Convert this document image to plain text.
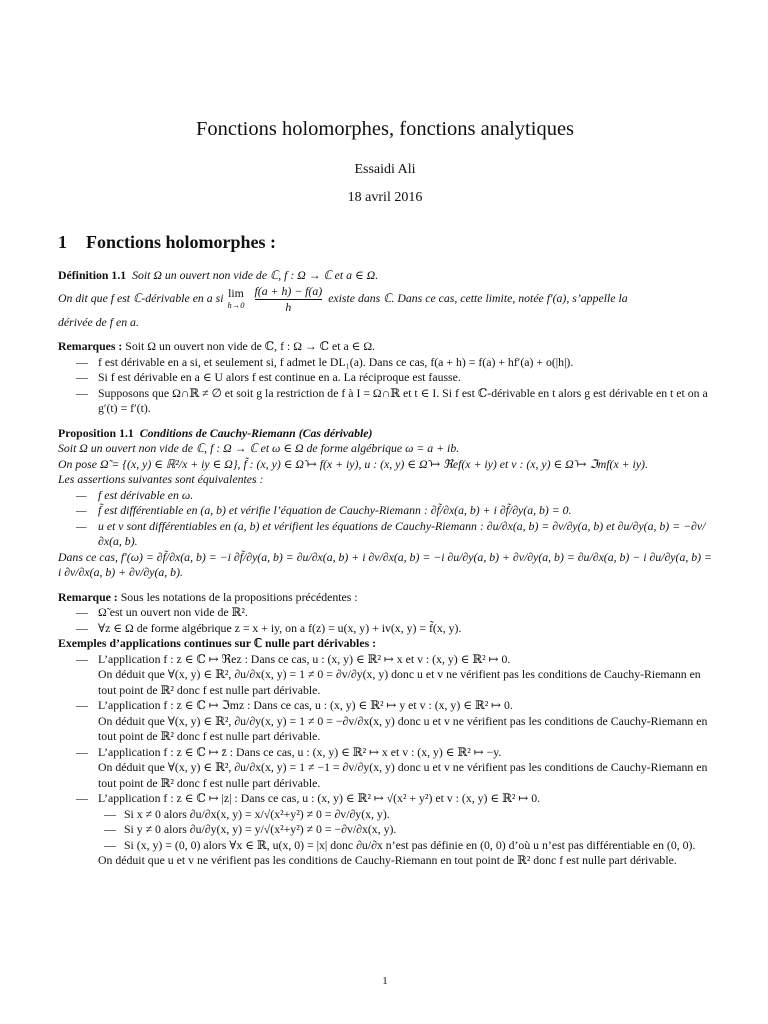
Fonctions holomorphes, fonctions analytiques
Essaidi Ali
18 avril 2016
1 Fonctions holomorphes :

Définition 1.1 Soit Ω un ouvert non vide de ℂ, f : Ω → ℂ et a ∈ Ω.

On dit que f est ℂ-dérivable en a si lim
$h\to 0 \frac{f(a + h) - f(a)}{h}$ existe dans ℂ. Dans ce cas, cette limite, notée f′(a), s’appelle la

dérivée de f en a.

Remarques : Soit Ω un ouvert non vide de ℂ, f : Ω → ℂ et a ∈ Ω.

— f est dérivable en a si, et seulement si, f admet le DL₁(a). Dans ce cas, f(a + h) = f(a) + hf′(a) + o(|h|).
— Si f est dérivable en a ∈ U alors f est continue en a. La réciproque est fausse.
— Supposons que Ω∩ℝ ≠ ∅ et soit g la restriction de f à I = Ω∩ℝ et t ∈ I. Si f est ℂ-dérivable en t alors g est dérivable en t et on a g′(t) = f′(t).

Proposition 1.1 Conditions de Cauchy-Riemann (Cas dérivable)

Soit Ω un ouvert non vide de ℂ, f : Ω → ℂ et ω ∈ Ω de forme algébrique ω = a + ib.

On pose Ω̃ = {(x, y) ∈ ℝ²/x + iy ∈ Ω}, f̃ : (x, y) ∈ Ω̃ ↦ f(x + iy), u : (x, y) ∈ Ω̃ ↦ ℜef(x + iy) et v : (x, y) ∈ Ω̃ ↦ ℑmf(x + iy).

Les assertions suivantes sont équivalentes :

— f est dérivable en ω.
— f̃ est différentiable en (a, b) et vérifie l’équation de Cauchy-Riemann : ∂f̃/∂x(a, b) + i ∂f̃/∂y(a, b) = 0.
— u et v sont différentiables en (a, b) et vérifient les équations de Cauchy-Riemann : ∂u/∂x(a, b) = ∂v/∂y(a, b) et ∂u/∂y(a, b) = −∂v/∂x(a, b).

Dans ce cas, f′(ω) = ∂f̃/∂x(a, b) = −i ∂f̃/∂y(a, b) = ∂u/∂x(a, b) + i ∂v/∂x(a, b) = −i ∂u/∂y(a, b) + ∂v/∂y(a, b) = ∂u/∂x(a, b) − i ∂u/∂y(a, b) = i ∂v/∂x(a, b) + ∂v/∂y(a, b).

Remarque : Sous les notations de la propositions précédentes :

— Ω̃ est un ouvert non vide de ℝ².
— ∀z ∈ Ω de forme algébrique z = x + iy, on a f(z) = u(x, y) + iv(x, y) = f̃(x, y).

Exemples d’applications continues sur ℂ nulle part dérivables :

— L’application f : z ∈ ℂ ↦ ℜez : Dans ce cas, u : (x, y) ∈ ℝ² ↦ x et v : (x, y) ∈ ℝ² ↦ 0.
On déduit que ∀(x, y) ∈ ℝ², ∂u/∂x(x, y) = 1 ≠ 0 = ∂v/∂y(x, y) donc u et v ne vérifient pas les conditions de Cauchy-Riemann en tout point de ℝ² donc f est nulle part dérivable.
— L’application f : z ∈ ℂ ↦ ℑmz : Dans ce cas, u : (x, y) ∈ ℝ² ↦ y et v : (x, y) ∈ ℝ² ↦ 0.
On déduit que ∀(x, y) ∈ ℝ², ∂u/∂y(x, y) = 1 ≠ 0 = −∂v/∂x(x, y) donc u et v ne vérifient pas les conditions de Cauchy-Riemann en tout point de ℝ² donc f est nulle part dérivable.
— L’application f : z ∈ ℂ ↦ z̄ : Dans ce cas, u : (x, y) ∈ ℝ² ↦ x et v : (x, y) ∈ ℝ² ↦ −y.
On déduit que ∀(x, y) ∈ ℝ², ∂u/∂x(x, y) = 1 ≠ −1 = ∂v/∂y(x, y) donc u et v ne vérifient pas les conditions de Cauchy-Riemann en tout point de ℝ² donc f est nulle part dérivable.
— L’application f : z ∈ ℂ ↦ |z| : Dans ce cas, u : (x, y) ∈ ℝ² ↦ √(x² + y²) et v : (x, y) ∈ ℝ² ↦ 0.
— Si x ≠ 0 alors ∂u/∂x(x, y) = x/√(x²+y²) ≠ 0 = ∂v/∂y(x, y).
— Si y ≠ 0 alors ∂u/∂y(x, y) = y/√(x²+y²) ≠ 0 = −∂v/∂x(x, y).
— Si (x, y) = (0, 0) alors ∀x ∈ ℝ, u(x, 0) = |x| donc ∂u/∂x n’est pas définie en (0, 0) d’où u n’est pas différentiable en (0, 0).
On déduit que u et v ne vérifient pas les conditions de Cauchy-Riemann en tout point de ℝ² donc f est nulle part dérivable.
1
